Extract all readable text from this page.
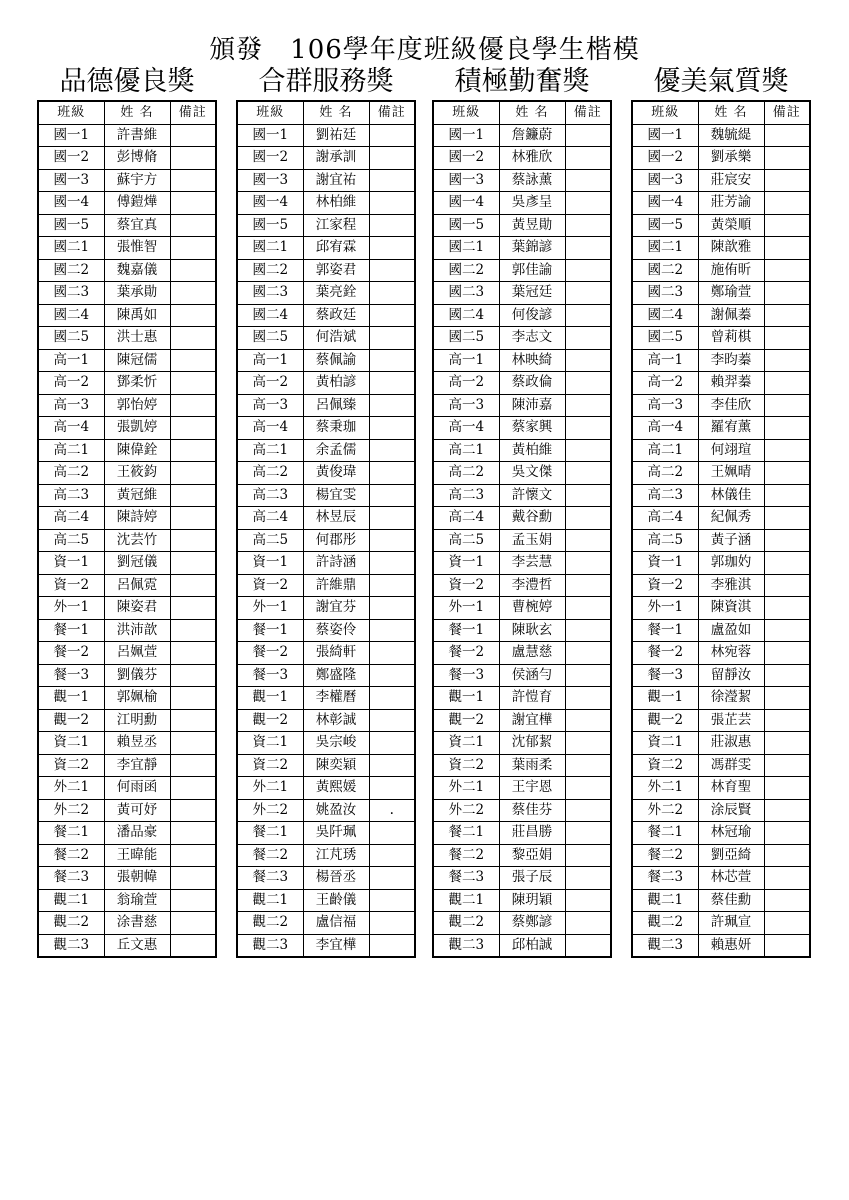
頒發　106學年度班級優良學生楷模
品德優良獎
班級	姓 名	備註
國一1	許書維	
國一2	彭博脩	
國一3	蘇宇方	
國一4	傅鎧燁	
國一5	蔡宜真	
國二1	張惟智	
國二2	魏嘉儀	
國二3	葉承勛	
國二4	陳禹如	
國二5	洪士惠	
高一1	陳冠儒	
高一2	鄧柔忻	
高一3	郭怡婷	
高一4	張凱婷	
高二1	陳偉銓	
高二2	王筱鈞	
高二3	黃冠維	
高二4	陳詩婷	
高二5	沈芸竹	
資一1	劉冠儀	
資一2	呂佩霓	
外一1	陳姿君	
餐一1	洪沛歆	
餐一2	呂姵萱	
餐一3	劉儀芬	
觀一1	郭姵榆	
觀一2	江明勳	
資二1	賴昱丞	
資二2	李宜靜	
外二1	何雨函	
外二2	黃可妤	
餐二1	潘品豪	
餐二2	王暐能	
餐二3	張朝幃	
觀二1	翁瑜萱	
觀二2	涂書慈	
觀二3	丘文惠	
合群服務獎
班級	姓 名	備註
國一1	劉祐廷	
國一2	謝承訓	
國一3	謝宜祐	
國一4	林柏維	
國一5	江家程	
國二1	邱宥霖	
國二2	郭姿君	
國二3	葉亮銓	
國二4	蔡政廷	
國二5	何浩斌	
高一1	蔡佩諭	
高一2	黃柏諺	
高一3	呂佩臻	
高一4	蔡秉珈	
高二1	余孟儒	
高二2	黃俊瑋	
高二3	楊宜雯	
高二4	林昱辰	
高二5	何郡彤	
資一1	許詩涵	
資一2	許維鼎	
外一1	謝宜芬	
餐一1	蔡姿伶	
餐一2	張綺軒	
餐一3	鄭盛隆	
觀一1	李權曆	
觀一2	林彰誠	
資二1	吳宗峻	
資二2	陳奕穎	
外二1	黃熙媛	
外二2	姚盈汝	.
餐二1	吳阡珮	
餐二2	江芃琇	
餐二3	楊晉丞	
觀二1	王齡儀	
觀二2	盧信福	
觀二3	李宜樺	
積極勤奮獎
班級	姓 名	備註
國一1	詹鐮蔚	
國一2	林雅欣	
國一3	蔡詠薰	
國一4	吳彥呈	
國一5	黃昱勛	
國二1	葉錦諺	
國二2	郭佳諭	
國二3	葉冠廷	
國二4	何俊諺	
國二5	李志文	
高一1	林映綺	
高一2	蔡政倫	
高一3	陳沛嘉	
高一4	蔡家興	
高二1	黃柏維	
高二2	吳文傑	
高二3	許懷文	
高二4	戴谷勳	
高二5	孟玉娟	
資一1	李芸慧	
資一2	李澧哲	
外一1	曹椀婷	
餐一1	陳耿玄	
餐一2	盧慧慈	
餐一3	侯涵勻	
觀一1	許愷育	
觀一2	謝宜樺	
資二1	沈郁絜	
資二2	葉雨柔	
外二1	王宇恩	
外二2	蔡佳芬	
餐二1	莊昌勝	
餐二2	黎亞娟	
餐二3	張子辰	
觀二1	陳玥穎	
觀二2	蔡鄭諺	
觀二3	邱柏誠	
優美氣質獎
班級	姓 名	備註
國一1	魏毓緹	
國一2	劉承樂	
國一3	莊宸安	
國一4	莊芳諭	
國一5	黃榮順	
國二1	陳歆雅	
國二2	施侑昕	
國二3	鄭瑜萱	
國二4	謝佩蓁	
國二5	曾莉棋	
高一1	李昀蓁	
高一2	賴羿蓁	
高一3	李佳欣	
高一4	羅宥薰	
高二1	何翊瑄	
高二2	王姵晴	
高二3	林儀佳	
高二4	紀佩秀	
高二5	黃子涵	
資一1	郭珈妁	
資一2	李雅淇	
外一1	陳資淇	
餐一1	盧盈如	
餐一2	林宛蓉	
餐一3	留靜汝	
觀一1	徐瀅絜	
觀一2	張芷芸	
資二1	莊淑惠	
資二2	馮群雯	
外二1	林育聖	
外二2	涂辰賢	
餐二1	林冠瑜	
餐二2	劉亞綺	
餐二3	林芯萱	
觀二1	蔡佳勳	
觀二2	許珮宣	
觀二3	賴惠妍	
